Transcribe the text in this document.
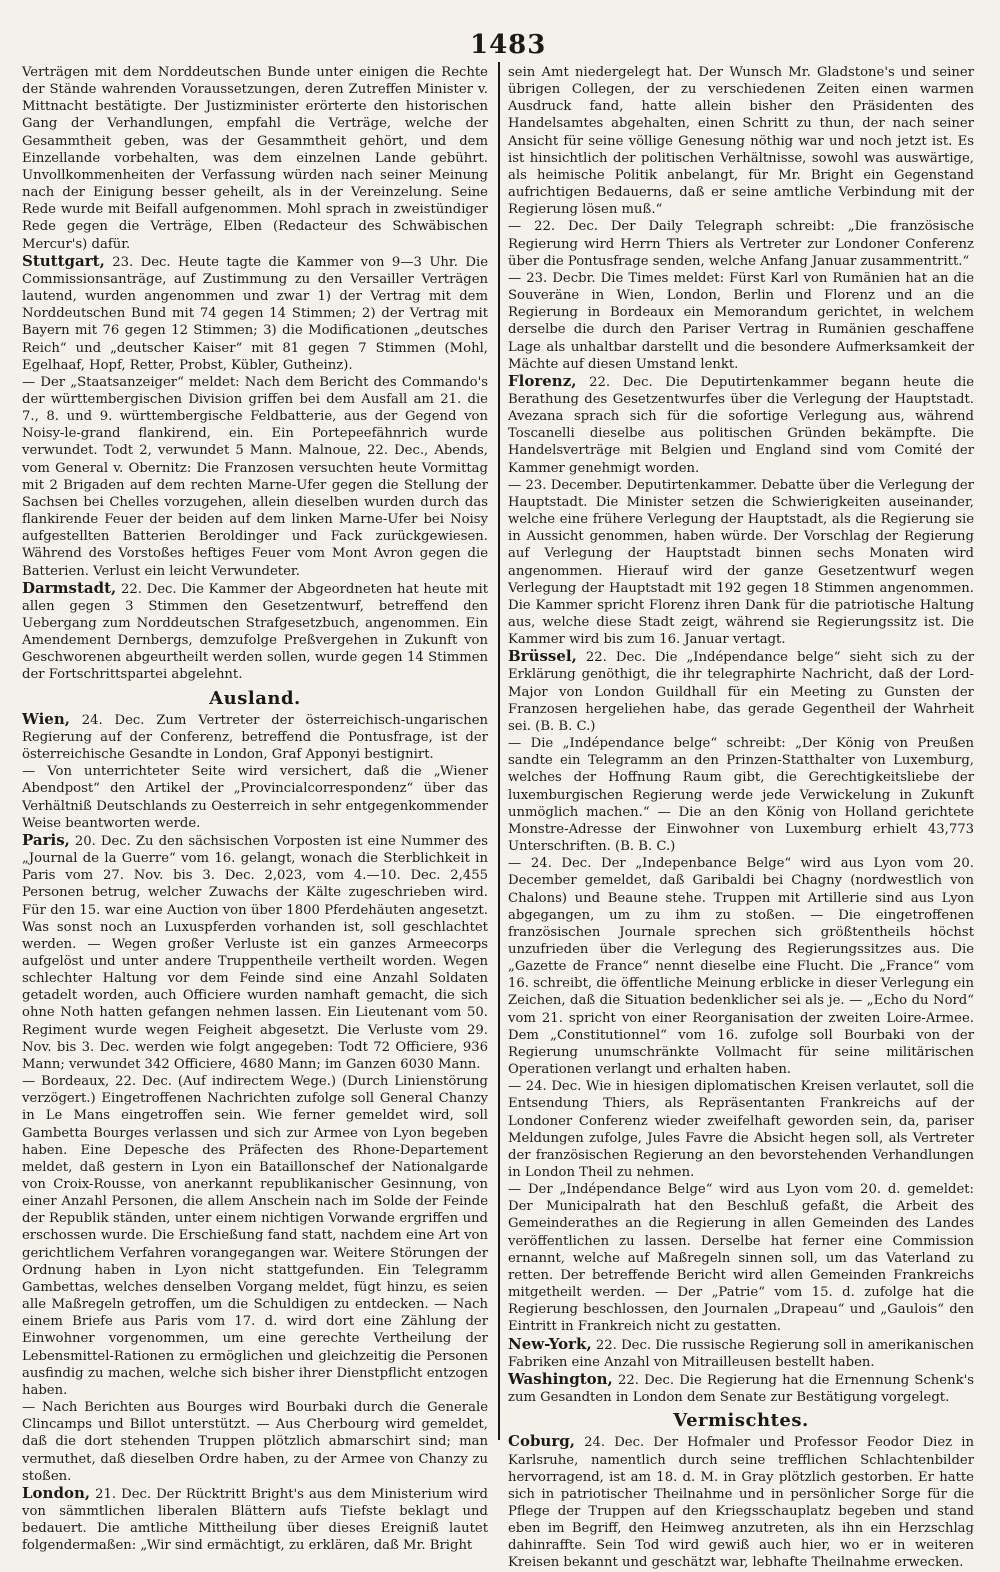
1483

Verträgen mit dem Norddeutschen Bunde unter einigen die Rechte der Stände wahrenden Voraussetzungen, deren Zutreffen Minister v. Mittnacht bestätigte. Der Justizminister erörterte den historischen Gang der Verhandlungen, empfahl die Verträge, welche der Gesammtheit geben, was der Gesammtheit gehört, und dem Einzellande vorbehalten, was dem einzelnen Lande gebührt. Unvollkommenheiten der Verfassung würden nach seiner Meinung nach der Einigung besser geheilt, als in der Vereinzelung. Seine Rede wurde mit Beifall aufgenommen. Mohl sprach in zweistündiger Rede gegen die Verträge, Elben (Redacteur des Schwäbischen Mercur's) dafür.

Stuttgart, 23. Dec. Heute tagte die Kammer von 9—3 Uhr. Die Commissionsanträge, auf Zustimmung zu den Versailler Verträgen lautend, wurden angenommen und zwar 1) der Vertrag mit dem Norddeutschen Bund mit 74 gegen 14 Stimmen; 2) der Vertrag mit Bayern mit 76 gegen 12 Stimmen; 3) die Modificationen „deutsches Reich“ und „deutscher Kaiser“ mit 81 gegen 7 Stimmen (Mohl, Egelhaaf, Hopf, Retter, Probst, Kübler, Gutheinz).

— Der „Staatsanzeiger“ meldet: Nach dem Bericht des Commando's der württembergischen Division griffen bei dem Ausfall am 21. die 7., 8. und 9. württembergische Feldbatterie, aus der Gegend von Noisy-le-grand flankirend, ein. Ein Portepeefähnrich wurde verwundet. Todt 2, verwundet 5 Mann. Malnoue, 22. Dec., Abends, vom General v. Obernitz: Die Franzosen versuchten heute Vormittag mit 2 Brigaden auf dem rechten Marne-Ufer gegen die Stellung der Sachsen bei Chelles vorzugehen, allein dieselben wurden durch das flankirende Feuer der beiden auf dem linken Marne-Ufer bei Noisy aufgestellten Batterien Beroldinger und Fack zurückgewiesen. Während des Vorstoßes heftiges Feuer vom Mont Avron gegen die Batterien. Verlust ein leicht Verwundeter.

Darmstadt, 22. Dec. Die Kammer der Abgeordneten hat heute mit allen gegen 3 Stimmen den Gesetzentwurf, betreffend den Uebergang zum Norddeutschen Strafgesetzbuch, angenommen. Ein Amendement Dernbergs, demzufolge Preßvergehen in Zukunft von Geschworenen abgeurtheilt werden sollen, wurde gegen 14 Stimmen der Fortschrittspartei abgelehnt.

Ausland.

Wien, 24. Dec. Zum Vertreter der österreichisch-ungarischen Regierung auf der Conferenz, betreffend die Pontusfrage, ist der österreichische Gesandte in London, Graf Apponyi bestignirt.

— Von unterrichteter Seite wird versichert, daß die „Wiener Abendpost“ den Artikel der „Provincialcorrespondenz“ über das Verhältniß Deutschlands zu Oesterreich in sehr entgegenkommender Weise beantworten werde.

Paris, 20. Dec. Zu den sächsischen Vorposten ist eine Nummer des „Journal de la Guerre“ vom 16. gelangt, wonach die Sterblichkeit in Paris vom 27. Nov. bis 3. Dec. 2,023, vom 4.—10. Dec. 2,455 Personen betrug, welcher Zuwachs der Kälte zugeschrieben wird. Für den 15. war eine Auction von über 1800 Pferdehäuten angesetzt. Was sonst noch an Luxuspferden vorhanden ist, soll geschlachtet werden. — Wegen großer Verluste ist ein ganzes Armeecorps aufgelöst und unter andere Truppentheile vertheilt worden. Wegen schlechter Haltung vor dem Feinde sind eine Anzahl Soldaten getadelt worden, auch Officiere wurden namhaft gemacht, die sich ohne Noth hatten gefangen nehmen lassen. Ein Lieutenant vom 50. Regiment wurde wegen Feigheit abgesetzt. Die Verluste vom 29. Nov. bis 3. Dec. werden wie folgt angegeben: Todt 72 Officiere, 936 Mann; verwundet 342 Officiere, 4680 Mann; im Ganzen 6030 Mann.

— Bordeaux, 22. Dec. (Auf indirectem Wege.) (Durch Linienstörung verzögert.) Eingetroffenen Nachrichten zufolge soll General Chanzy in Le Mans eingetroffen sein. Wie ferner gemeldet wird, soll Gambetta Bourges verlassen und sich zur Armee von Lyon begeben haben. Eine Depesche des Präfecten des Rhone-Departement meldet, daß gestern in Lyon ein Bataillonschef der Nationalgarde von Croix-Rousse, von anerkannt republikanischer Gesinnung, von einer Anzahl Personen, die allem Anschein nach im Solde der Feinde der Republik ständen, unter einem nichtigen Vorwande ergriffen und erschossen wurde. Die Erschießung fand statt, nachdem eine Art von gerichtlichem Verfahren vorangegangen war. Weitere Störungen der Ordnung haben in Lyon nicht stattgefunden. Ein Telegramm Gambettas, welches denselben Vorgang meldet, fügt hinzu, es seien alle Maßregeln getroffen, um die Schuldigen zu entdecken. — Nach einem Briefe aus Paris vom 17. d. wird dort eine Zählung der Einwohner vorgenommen, um eine gerechte Vertheilung der Lebensmittel-Rationen zu ermöglichen und gleichzeitig die Personen ausfindig zu machen, welche sich bisher ihrer Dienstpflicht entzogen haben.

— Nach Berichten aus Bourges wird Bourbaki durch die Generale Clincamps und Billot unterstützt. — Aus Cherbourg wird gemeldet, daß die dort stehenden Truppen plötzlich abmarschirt sind; man vermuthet, daß dieselben Ordre haben, zu der Armee von Chanzy zu stoßen.

London, 21. Dec. Der Rücktritt Bright's aus dem Ministerium wird von sämmtlichen liberalen Blättern aufs Tiefste beklagt und bedauert. Die amtliche Mittheilung über dieses Ereigniß lautet folgendermaßen: „Wir sind ermächtigt, zu erklären, daß Mr. Bright

sein Amt niedergelegt hat. Der Wunsch Mr. Gladstone's und seiner übrigen Collegen, der zu verschiedenen Zeiten einen warmen Ausdruck fand, hatte allein bisher den Präsidenten des Handelsamtes abgehalten, einen Schritt zu thun, der nach seiner Ansicht für seine völlige Genesung nöthig war und noch jetzt ist. Es ist hinsichtlich der politischen Verhältnisse, sowohl was auswärtige, als heimische Politik anbelangt, für Mr. Bright ein Gegenstand aufrichtigen Bedauerns, daß er seine amtliche Verbindung mit der Regierung lösen muß.“

— 22. Dec. Der Daily Telegraph schreibt: „Die französische Regierung wird Herrn Thiers als Vertreter zur Londoner Conferenz über die Pontusfrage senden, welche Anfang Januar zusammentritt.“

— 23. Decbr. Die Times meldet: Fürst Karl von Rumänien hat an die Souveräne in Wien, London, Berlin und Florenz und an die Regierung in Bordeaux ein Memorandum gerichtet, in welchem derselbe die durch den Pariser Vertrag in Rumänien geschaffene Lage als unhaltbar darstellt und die besondere Aufmerksamkeit der Mächte auf diesen Umstand lenkt.

Florenz, 22. Dec. Die Deputirtenkammer begann heute die Berathung des Gesetzentwurfes über die Verlegung der Hauptstadt. Avezana sprach sich für die sofortige Verlegung aus, während Toscanelli dieselbe aus politischen Gründen bekämpfte. Die Handelsverträge mit Belgien und England sind vom Comité der Kammer genehmigt worden.

— 23. December. Deputirtenkammer. Debatte über die Verlegung der Hauptstadt. Die Minister setzen die Schwierigkeiten auseinander, welche eine frühere Verlegung der Hauptstadt, als die Regierung sie in Aussicht genommen, haben würde. Der Vorschlag der Regierung auf Verlegung der Hauptstadt binnen sechs Monaten wird angenommen. Hierauf wird der ganze Gesetzentwurf wegen Verlegung der Hauptstadt mit 192 gegen 18 Stimmen angenommen. Die Kammer spricht Florenz ihren Dank für die patriotische Haltung aus, welche diese Stadt zeigt, während sie Regierungssitz ist. Die Kammer wird bis zum 16. Januar vertagt.

Brüssel, 22. Dec. Die „Indépendance belge“ sieht sich zu der Erklärung genöthigt, die ihr telegraphirte Nachricht, daß der Lord-Major von London Guildhall für ein Meeting zu Gunsten der Franzosen hergeliehen habe, das gerade Gegentheil der Wahrheit sei. (B. B. C.)

— Die „Indépendance belge“ schreibt: „Der König von Preußen sandte ein Telegramm an den Prinzen-Statthalter von Luxemburg, welches der Hoffnung Raum gibt, die Gerechtigkeitsliebe der luxemburgischen Regierung werde jede Verwickelung in Zukunft unmöglich machen.“ — Die an den König von Holland gerichtete Monstre-Adresse der Einwohner von Luxemburg erhielt 43,773 Unterschriften. (B. B. C.)

— 24. Dec. Der „Indepenbance Belge“ wird aus Lyon vom 20. December gemeldet, daß Garibaldi bei Chagny (nordwestlich von Chalons) und Beaune stehe. Truppen mit Artillerie sind aus Lyon abgegangen, um zu ihm zu stoßen. — Die eingetroffenen französischen Journale sprechen sich größtentheils höchst unzufrieden über die Verlegung des Regierungssitzes aus. Die „Gazette de France“ nennt dieselbe eine Flucht. Die „France“ vom 16. schreibt, die öffentliche Meinung erblicke in dieser Verlegung ein Zeichen, daß die Situation bedenklicher sei als je. — „Echo du Nord“ vom 21. spricht von einer Reorganisation der zweiten Loire-Armee. Dem „Constitutionnel“ vom 16. zufolge soll Bourbaki von der Regierung unumschränkte Vollmacht für seine militärischen Operationen verlangt und erhalten haben.

— 24. Dec. Wie in hiesigen diplomatischen Kreisen verlautet, soll die Entsendung Thiers, als Repräsentanten Frankreichs auf der Londoner Conferenz wieder zweifelhaft geworden sein, da, pariser Meldungen zufolge, Jules Favre die Absicht hegen soll, als Vertreter der französischen Regierung an den bevorstehenden Verhandlungen in London Theil zu nehmen.

— Der „Indépendance Belge“ wird aus Lyon vom 20. d. gemeldet: Der Municipalrath hat den Beschluß gefaßt, die Arbeit des Gemeinderathes an die Regierung in allen Gemeinden des Landes veröffentlichen zu lassen. Derselbe hat ferner eine Commission ernannt, welche auf Maßregeln sinnen soll, um das Vaterland zu retten. Der betreffende Bericht wird allen Gemeinden Frankreichs mitgetheilt werden. — Der „Patrie“ vom 15. d. zufolge hat die Regierung beschlossen, den Journalen „Drapeau“ und „Gaulois“ den Eintritt in Frankreich nicht zu gestatten.

New-York, 22. Dec. Die russische Regierung soll in amerikanischen Fabriken eine Anzahl von Mitrailleusen bestellt haben.

Washington, 22. Dec. Die Regierung hat die Ernennung Schenk's zum Gesandten in London dem Senate zur Bestätigung vorgelegt.

Vermischtes.

Coburg, 24. Dec. Der Hofmaler und Professor Feodor Diez in Karlsruhe, namentlich durch seine trefflichen Schlachtenbilder hervorragend, ist am 18. d. M. in Gray plötzlich gestorben. Er hatte sich in patriotischer Theilnahme und in persönlicher Sorge für die Pflege der Truppen auf den Kriegsschauplatz begeben und stand eben im Begriff, den Heimweg anzutreten, als ihn ein Herzschlag dahinraffte. Sein Tod wird gewiß auch hier, wo er in weiteren Kreisen bekannt und geschätzt war, lebhafte Theilnahme erwecken.
